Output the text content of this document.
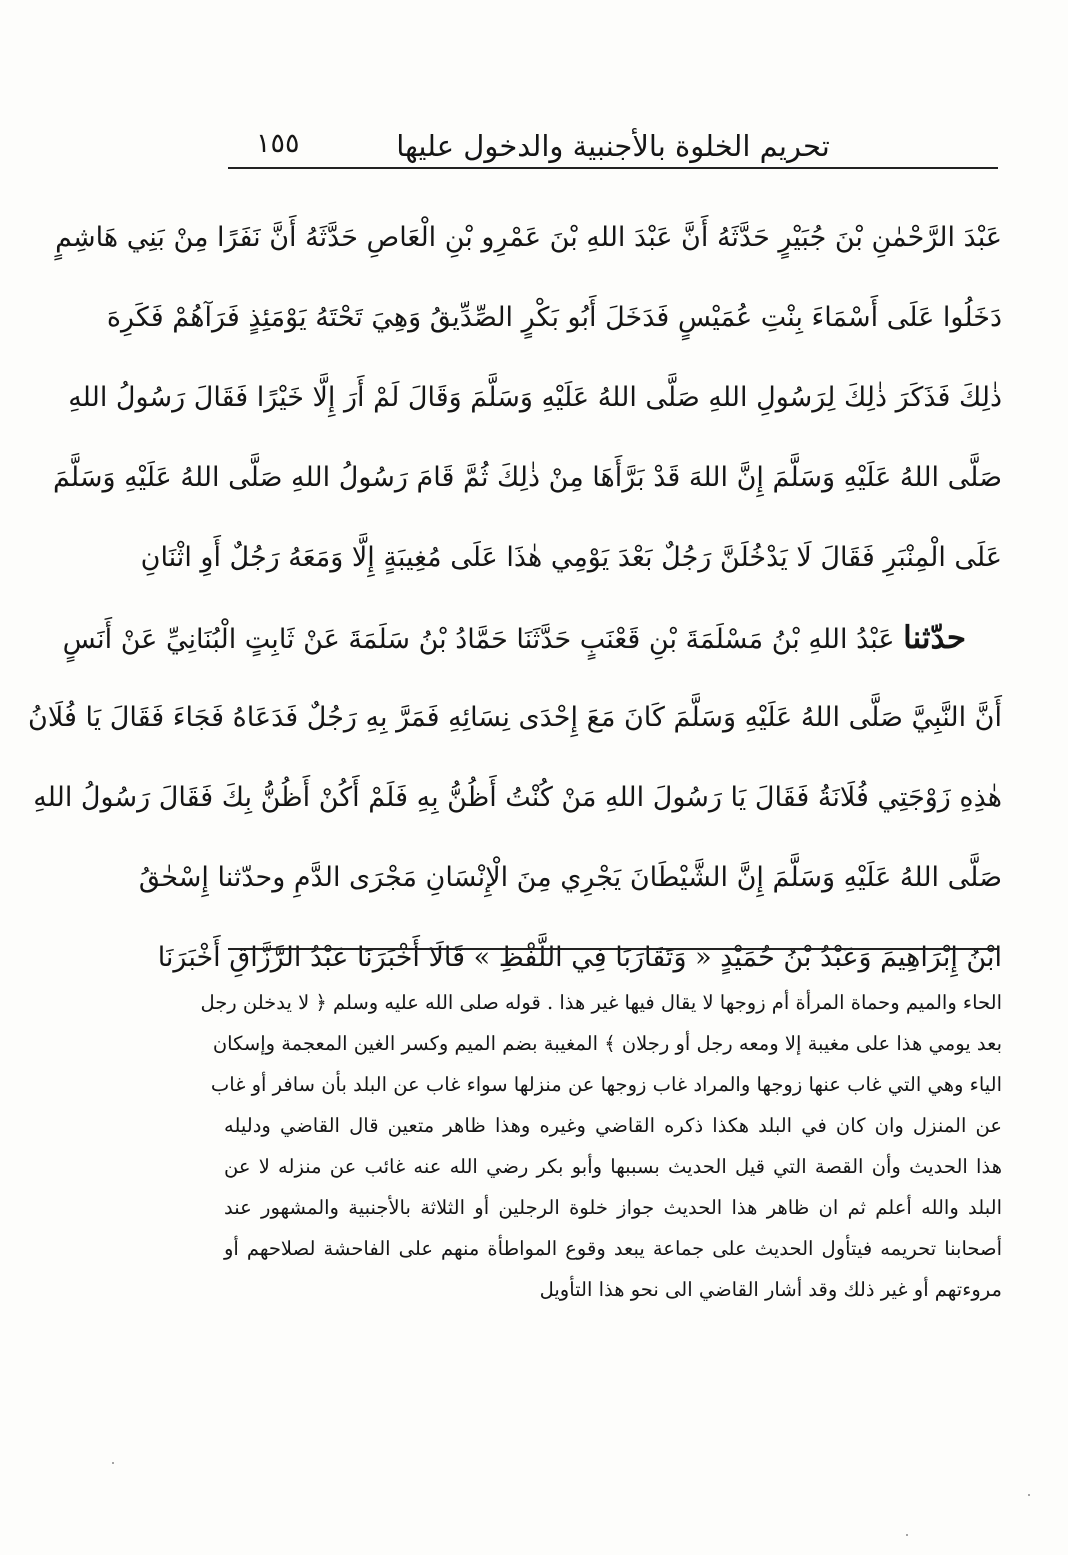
تحريم الخلوة بالأجنبية والدخول عليها
١٥٥
عَبْدَ الرَّحْمٰنِ بْنَ جُبَيْرٍ حَدَّثَهُ أَنَّ عَبْدَ اللهِ بْنَ عَمْرِو بْنِ الْعَاصِ حَدَّثَهُ أَنَّ نَفَرًا مِنْ بَنِي هَاشِمٍ
دَخَلُوا عَلَى أَسْمَاءَ بِنْتِ عُمَيْسٍ فَدَخَلَ أَبُو بَكْرٍ الصِّدِّيقُ وَهِيَ تَحْتَهُ يَوْمَئِذٍ فَرَآهُمْ فَكَرِهَ
ذٰلِكَ فَذَكَرَ ذٰلِكَ لِرَسُولِ اللهِ صَلَّى اللهُ عَلَيْهِ وَسَلَّمَ وَقَالَ لَمْ أَرَ إِلَّا خَيْرًا فَقَالَ رَسُولُ اللهِ
صَلَّى اللهُ عَلَيْهِ وَسَلَّمَ إِنَّ اللهَ قَدْ بَرَّأَهَا مِنْ ذٰلِكَ ثُمَّ قَامَ رَسُولُ اللهِ صَلَّى اللهُ عَلَيْهِ وَسَلَّمَ
عَلَى الْمِنْبَرِ فَقَالَ لَا يَدْخُلَنَّ رَجُلٌ بَعْدَ يَوْمِي هٰذَا عَلَى مُغِيبَةٍ إِلَّا وَمَعَهُ رَجُلٌ أَوِ اثْنَانِ
حدّثنا عَبْدُ اللهِ بْنُ مَسْلَمَةَ بْنِ قَعْنَبٍ حَدَّثَنَا حَمَّادُ بْنُ سَلَمَةَ عَنْ ثَابِتٍ الْبُنَانِيِّ عَنْ أَنَسٍ
أَنَّ النَّبِيَّ صَلَّى اللهُ عَلَيْهِ وَسَلَّمَ كَانَ مَعَ إِحْدَى نِسَائِهِ فَمَرَّ بِهِ رَجُلٌ فَدَعَاهُ فَجَاءَ فَقَالَ يَا فُلَانُ
هٰذِهِ زَوْجَتِي فُلَانَةُ فَقَالَ يَا رَسُولَ اللهِ مَنْ كُنْتُ أَظُنُّ بِهِ فَلَمْ أَكُنْ أَظُنُّ بِكَ فَقَالَ رَسُولُ اللهِ
صَلَّى اللهُ عَلَيْهِ وَسَلَّمَ إِنَّ الشَّيْطَانَ يَجْرِي مِنَ الْإِنْسَانِ مَجْرَى الدَّمِ وحدّثنا إِسْحٰقُ
ابْنُ إِبْرَاهِيمَ وَعَبْدُ بْنُ حُمَيْدٍ « وَتَقَارَبَا فِي اللَّفْظِ » قَالَا أَخْبَرَنَا عَبْدُ الرَّزَّاقِ أَخْبَرَنَا
الحاء والميم وحماة المرأة أم زوجها لا يقال فيها غير هذا . قوله صلى الله عليه وسلم ﴿ لا يدخلن رجل
بعد يومي هذا على مغيبة إلا ومعه رجل أو رجلان ﴾ المغيبة بضم الميم وكسر الغين المعجمة وإسكان
الياء وهي التي غاب عنها زوجها والمراد غاب زوجها عن منزلها سواء غاب عن البلد بأن سافر أو غاب
عن المنزل وان كان في البلد هكذا ذكره القاضي وغيره وهذا ظاهر متعين قال القاضي ودليله
هذا الحديث وأن القصة التي قيل الحديث بسببها وأبو بكر رضي الله عنه غائب عن منزله لا عن
البلد والله أعلم ثم ان ظاهر هذا الحديث جواز خلوة الرجلين أو الثلاثة بالأجنبية والمشهور عند
أصحابنا تحريمه فيتأول الحديث على جماعة يبعد وقوع المواطأة منهم على الفاحشة لصلاحهم أو
مروءتهم أو غير ذلك وقد أشار القاضي الى نحو هذا التأويل
